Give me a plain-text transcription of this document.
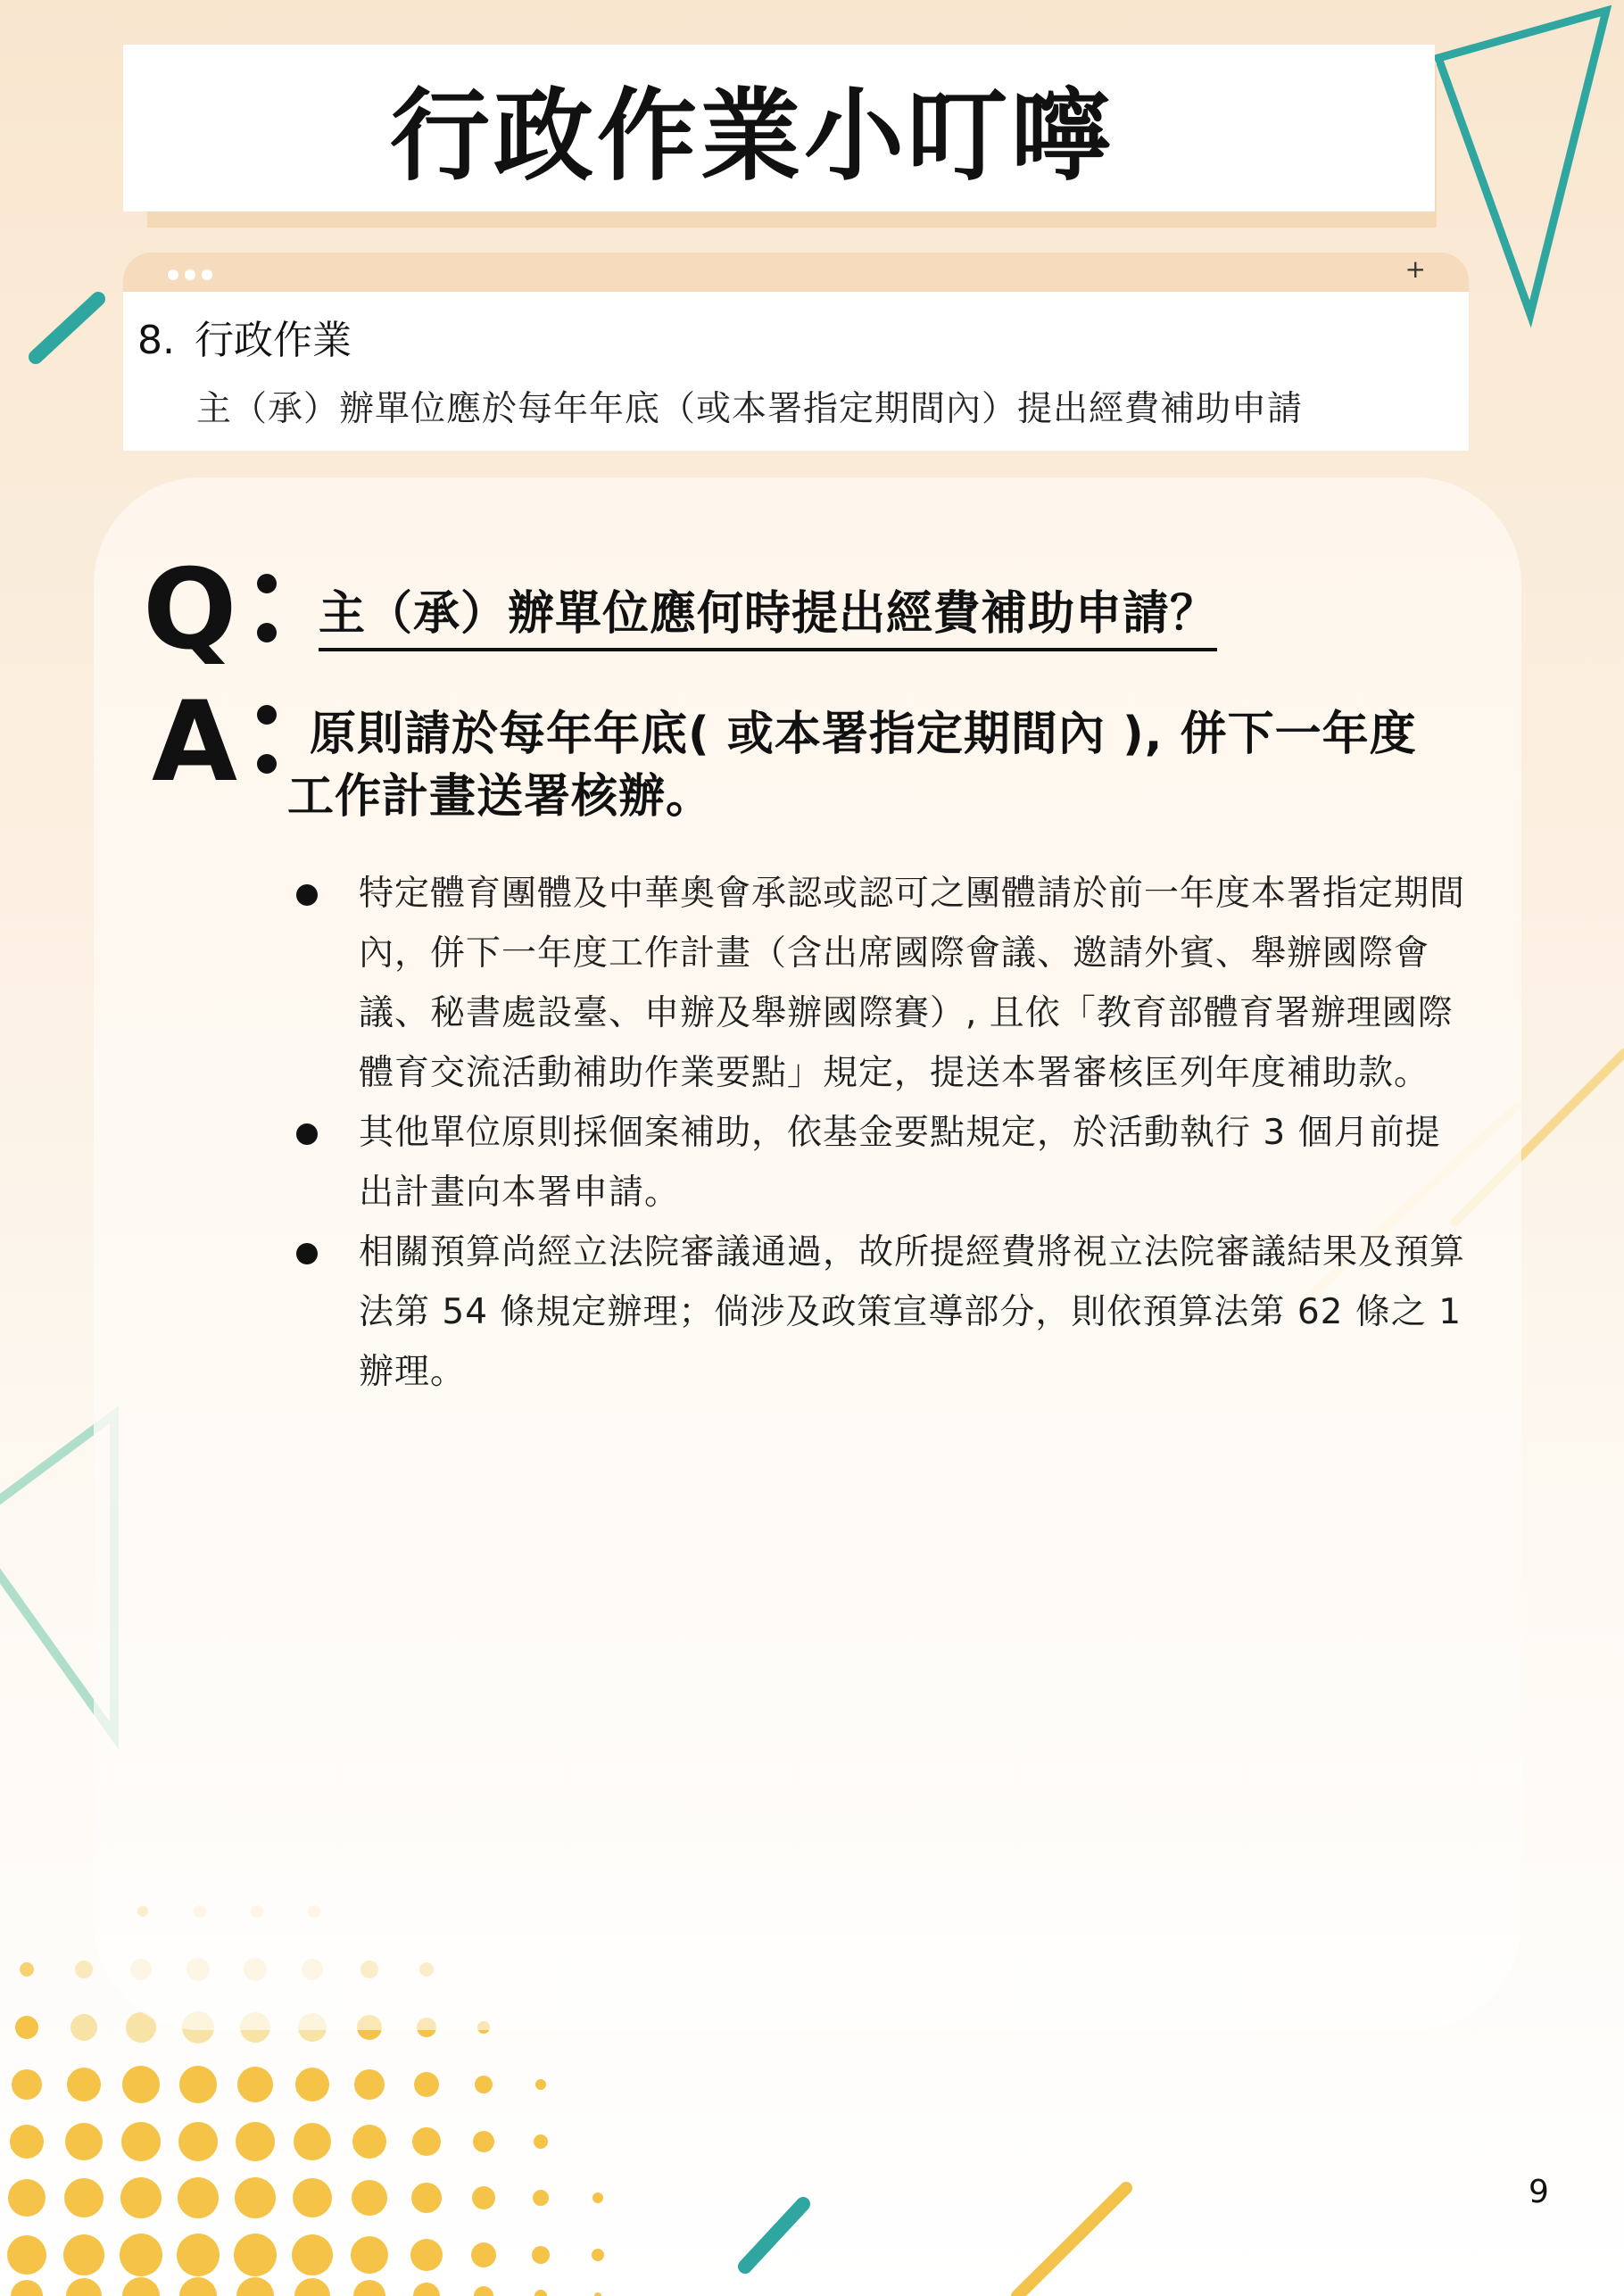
行政作業小叮嚀
+
8. 行政作業
主（承）辦單位應於每年年底（或本署指定期間內）提出經費補助申請
Q 主（承）辦單位應何時提出經費補助申請？
A	原則請於每年年底( 或本署指定期間內 ), 併下一年度
工作計畫送署核辦。
特定體育團體及中華奧會承認或認可之團體請於前一年度本署指定期間內，併下一年度工作計畫（含出席國際會議、邀請外賓、舉辦國際會議、秘書處設臺、申辦及舉辦國際賽）, 且依「教育部體育署辦理國際體育交流活動補助作業要點」規定，提送本署審核匡列年度補助款。
其他單位原則採個案補助，依基金要點規定，於活動執行 3 個月前提出計畫向本署申請。
相關預算尚經立法院審議通過，故所提經費將視立法院審議結果及預算法第 54 條規定辦理；倘涉及政策宣導部分，則依預算法第 62 條之 1 辦理。
9
